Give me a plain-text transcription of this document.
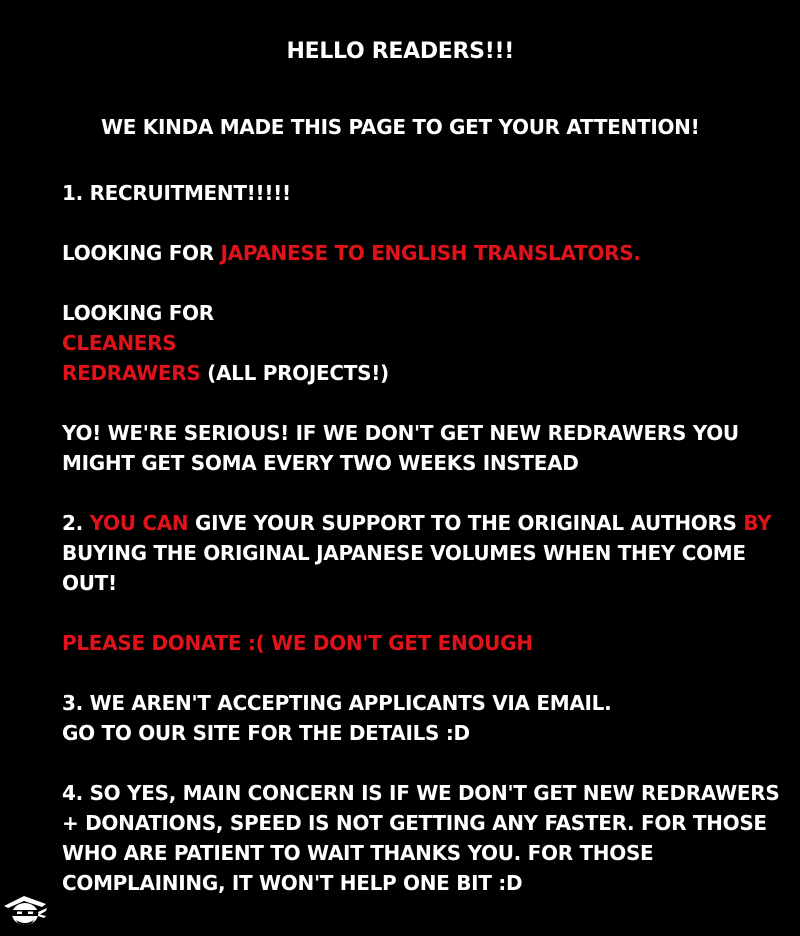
HELLO READERS!!!
WE KINDA MADE THIS PAGE TO GET YOUR ATTENTION!
1. RECRUITMENT!!!!!
LOOKING FOR JAPANESE TO ENGLISH TRANSLATORS.
LOOKING FOR
CLEANERS
REDRAWERS (ALL PROJECTS!)
YO! WE'RE SERIOUS! IF WE DON'T GET NEW REDRAWERS YOU
MIGHT GET SOMA EVERY TWO WEEKS INSTEAD
2. YOU CAN GIVE YOUR SUPPORT TO THE ORIGINAL AUTHORS BY
BUYING THE ORIGINAL JAPANESE VOLUMES WHEN THEY COME
OUT!
PLEASE DONATE :( WE DON'T GET ENOUGH
3. WE AREN'T ACCEPTING APPLICANTS VIA EMAIL.
GO TO OUR SITE FOR THE DETAILS :D
4. SO YES, MAIN CONCERN IS IF WE DON'T GET NEW REDRAWERS
+ DONATIONS, SPEED IS NOT GETTING ANY FASTER. FOR THOSE
WHO ARE PATIENT TO WAIT THANKS YOU. FOR THOSE
COMPLAINING, IT WON'T HELP ONE BIT :D
